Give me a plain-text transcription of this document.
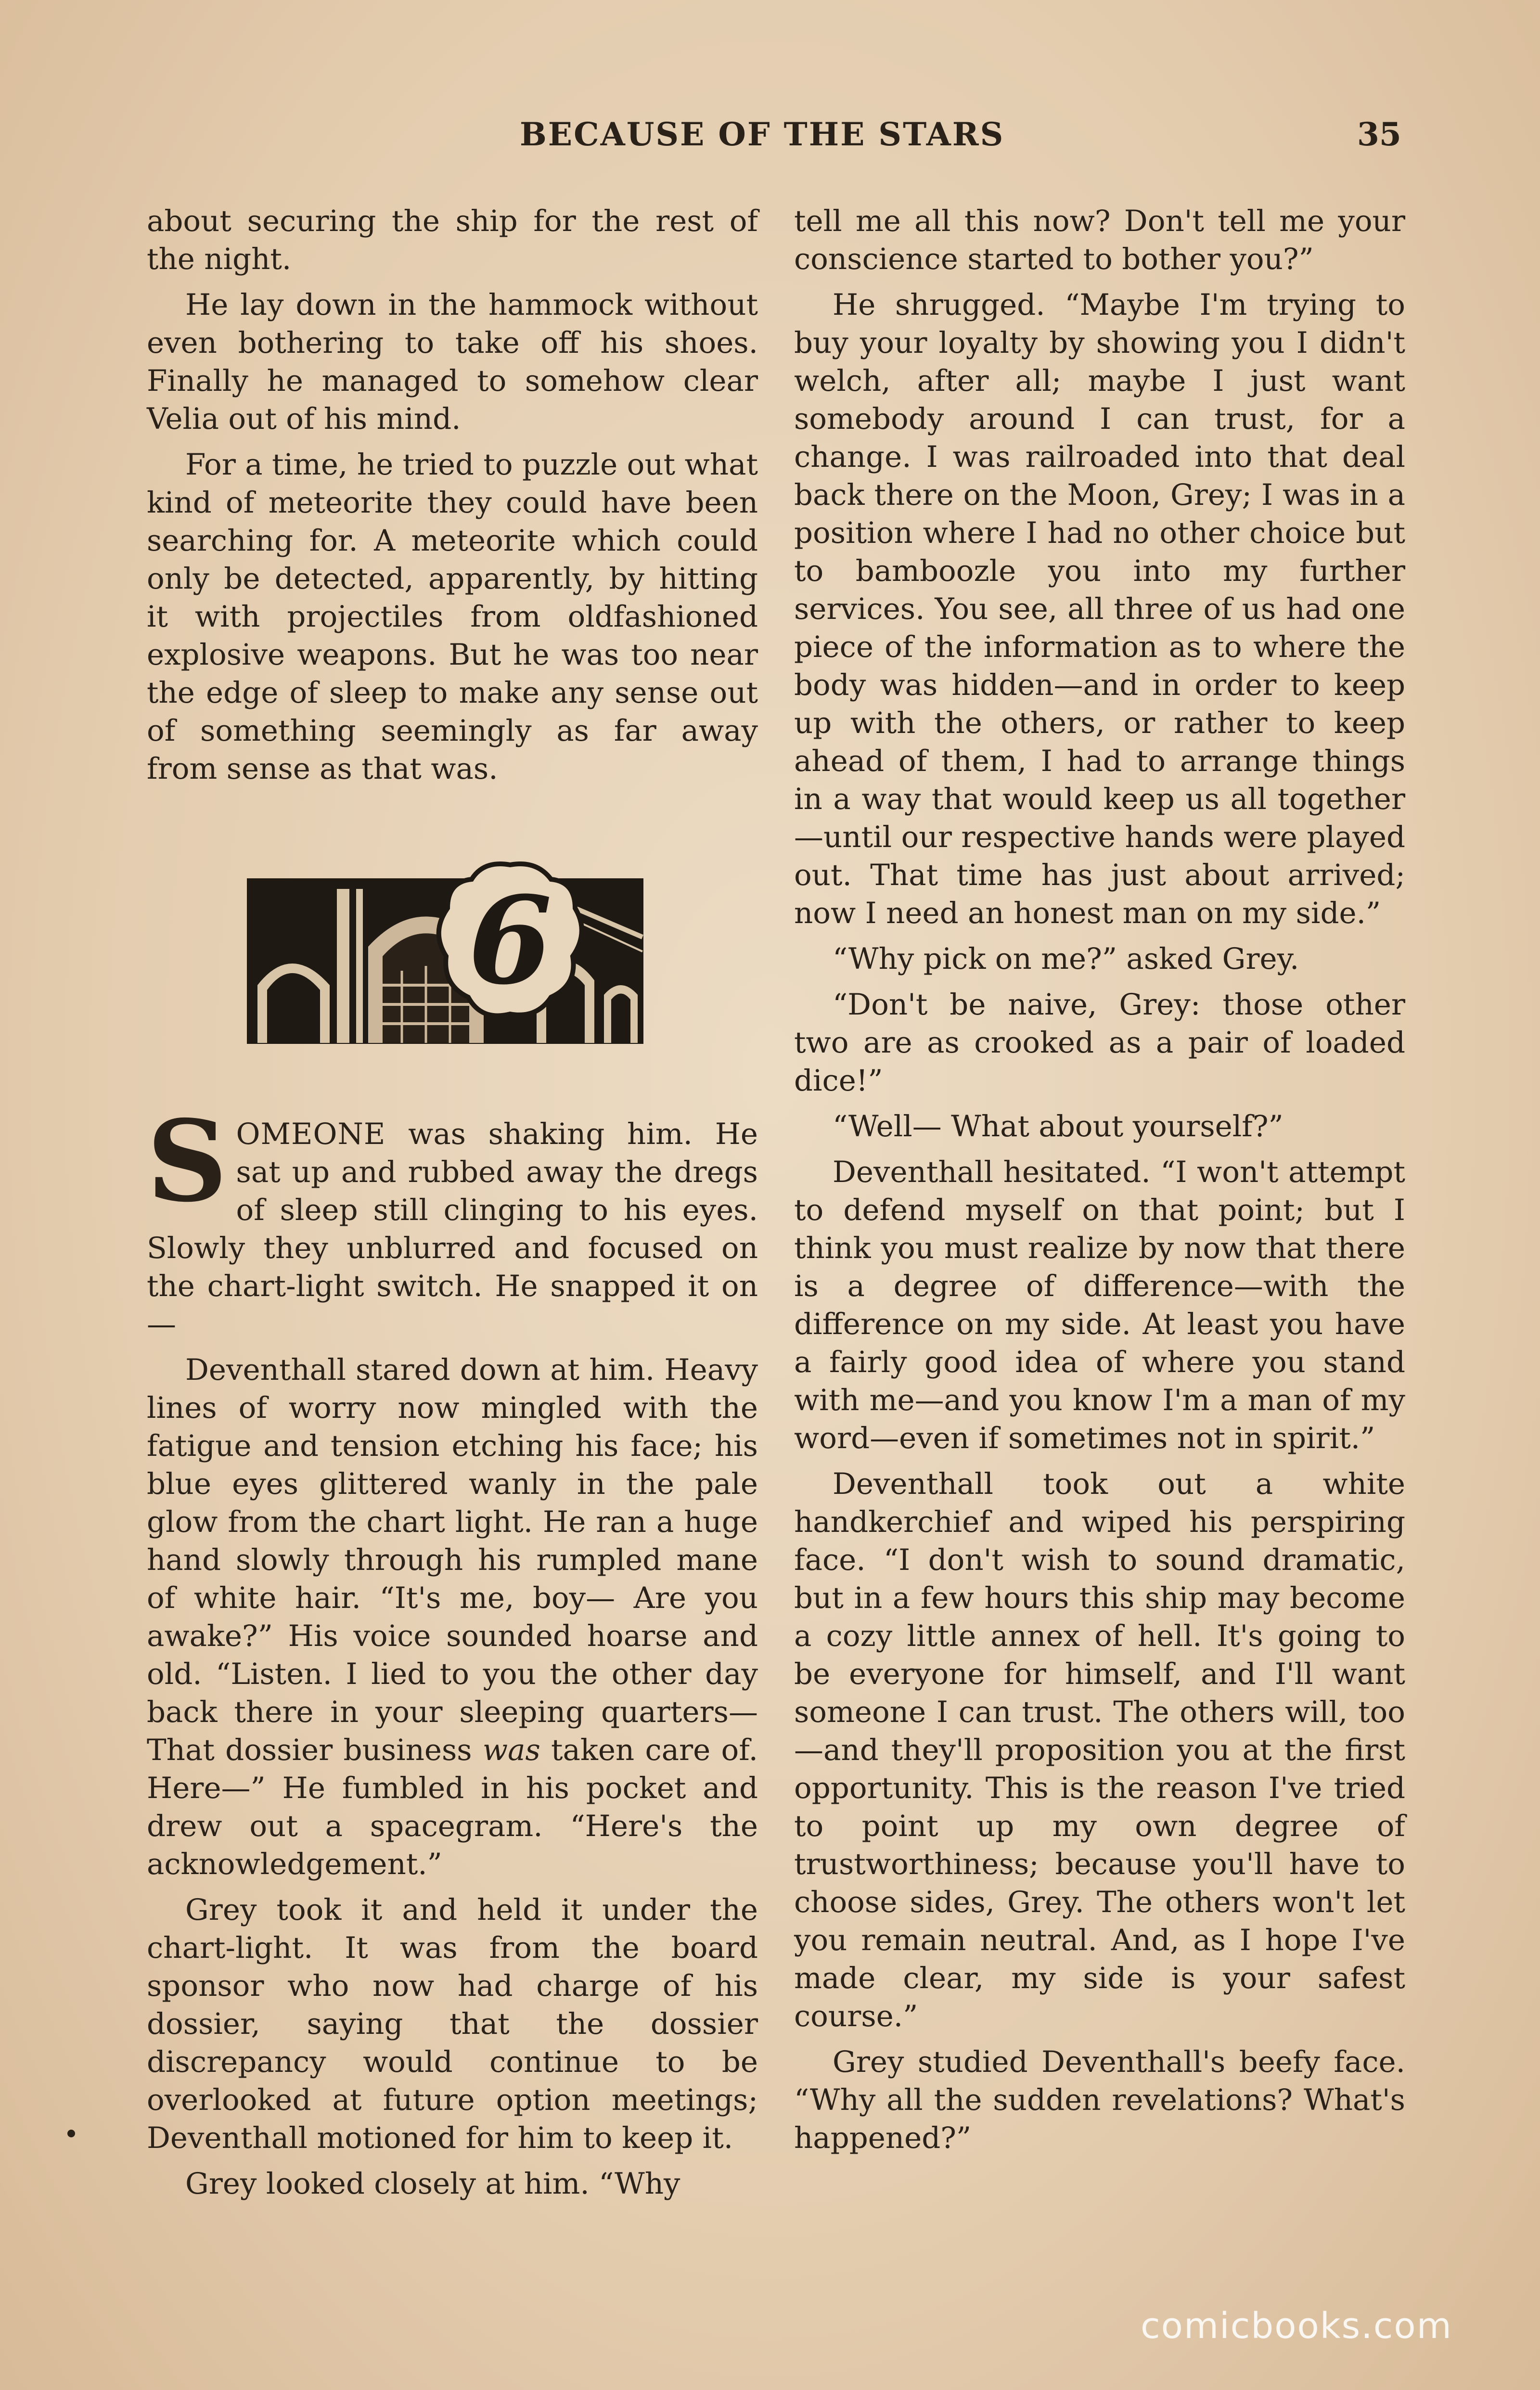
BECAUSE OF THE STARS	35

about securing the ship for the rest of the night.

He lay down in the hammock without even bothering to take off his shoes. Finally he managed to somehow clear Velia out of his mind.

For a time, he tried to puzzle out what kind of meteorite they could have been searching for. A meteorite which could only be detected, apparently, by hitting it with projectiles from oldfashioned explosive weapons. But he was too near the edge of sleep to make any sense out of something seemingly as far away from sense as that was.

6

SOMEONE was shaking him. He sat up and rubbed away the dregs of sleep still clinging to his eyes. Slowly they unblurred and focused on the chart-light switch. He snapped it on—

Deventhall stared down at him. Heavy lines of worry now mingled with the fatigue and tension etching his face; his blue eyes glittered wanly in the pale glow from the chart light. He ran a huge hand slowly through his rumpled mane of white hair. “It's me, boy— Are you awake?” His voice sounded hoarse and old. “Listen. I lied to you the other day back there in your sleeping quarters— That dossier business was taken care of. Here—” He fumbled in his pocket and drew out a spacegram. “Here's the acknowledgement.”

Grey took it and held it under the chart-light. It was from the board sponsor who now had charge of his dossier, saying that the dossier discrepancy would continue to be overlooked at future option meetings; Deventhall motioned for him to keep it.

Grey looked closely at him. “Why

tell me all this now? Don't tell me your conscience started to bother you?”

He shrugged. “Maybe I'm trying to buy your loyalty by showing you I didn't welch, after all; maybe I just want somebody around I can trust, for a change. I was railroaded into that deal back there on the Moon, Grey; I was in a position where I had no other choice but to bamboozle you into my further services. You see, all three of us had one piece of the information as to where the body was hidden—and in order to keep up with the others, or rather to keep ahead of them, I had to arrange things in a way that would keep us all together—until our respective hands were played out. That time has just about arrived; now I need an honest man on my side.”

“Why pick on me?” asked Grey.

“Don't be naive, Grey: those other two are as crooked as a pair of loaded dice!”

“Well— What about yourself?”

Deventhall hesitated. “I won't attempt to defend myself on that point; but I think you must realize by now that there is a degree of difference—with the difference on my side. At least you have a fairly good idea of where you stand with me—and you know I'm a man of my word—even if sometimes not in spirit.”

Deventhall took out a white handkerchief and wiped his perspiring face. “I don't wish to sound dramatic, but in a few hours this ship may become a cozy little annex of hell. It's going to be everyone for himself, and I'll want someone I can trust. The others will, too—and they'll proposition you at the first opportunity. This is the reason I've tried to point up my own degree of trustworthiness; because you'll have to choose sides, Grey. The others won't let you remain neutral. And, as I hope I've made clear, my side is your safest course.”

Grey studied Deventhall's beefy face. “Why all the sudden revelations? What's happened?”

comicbooks.com
